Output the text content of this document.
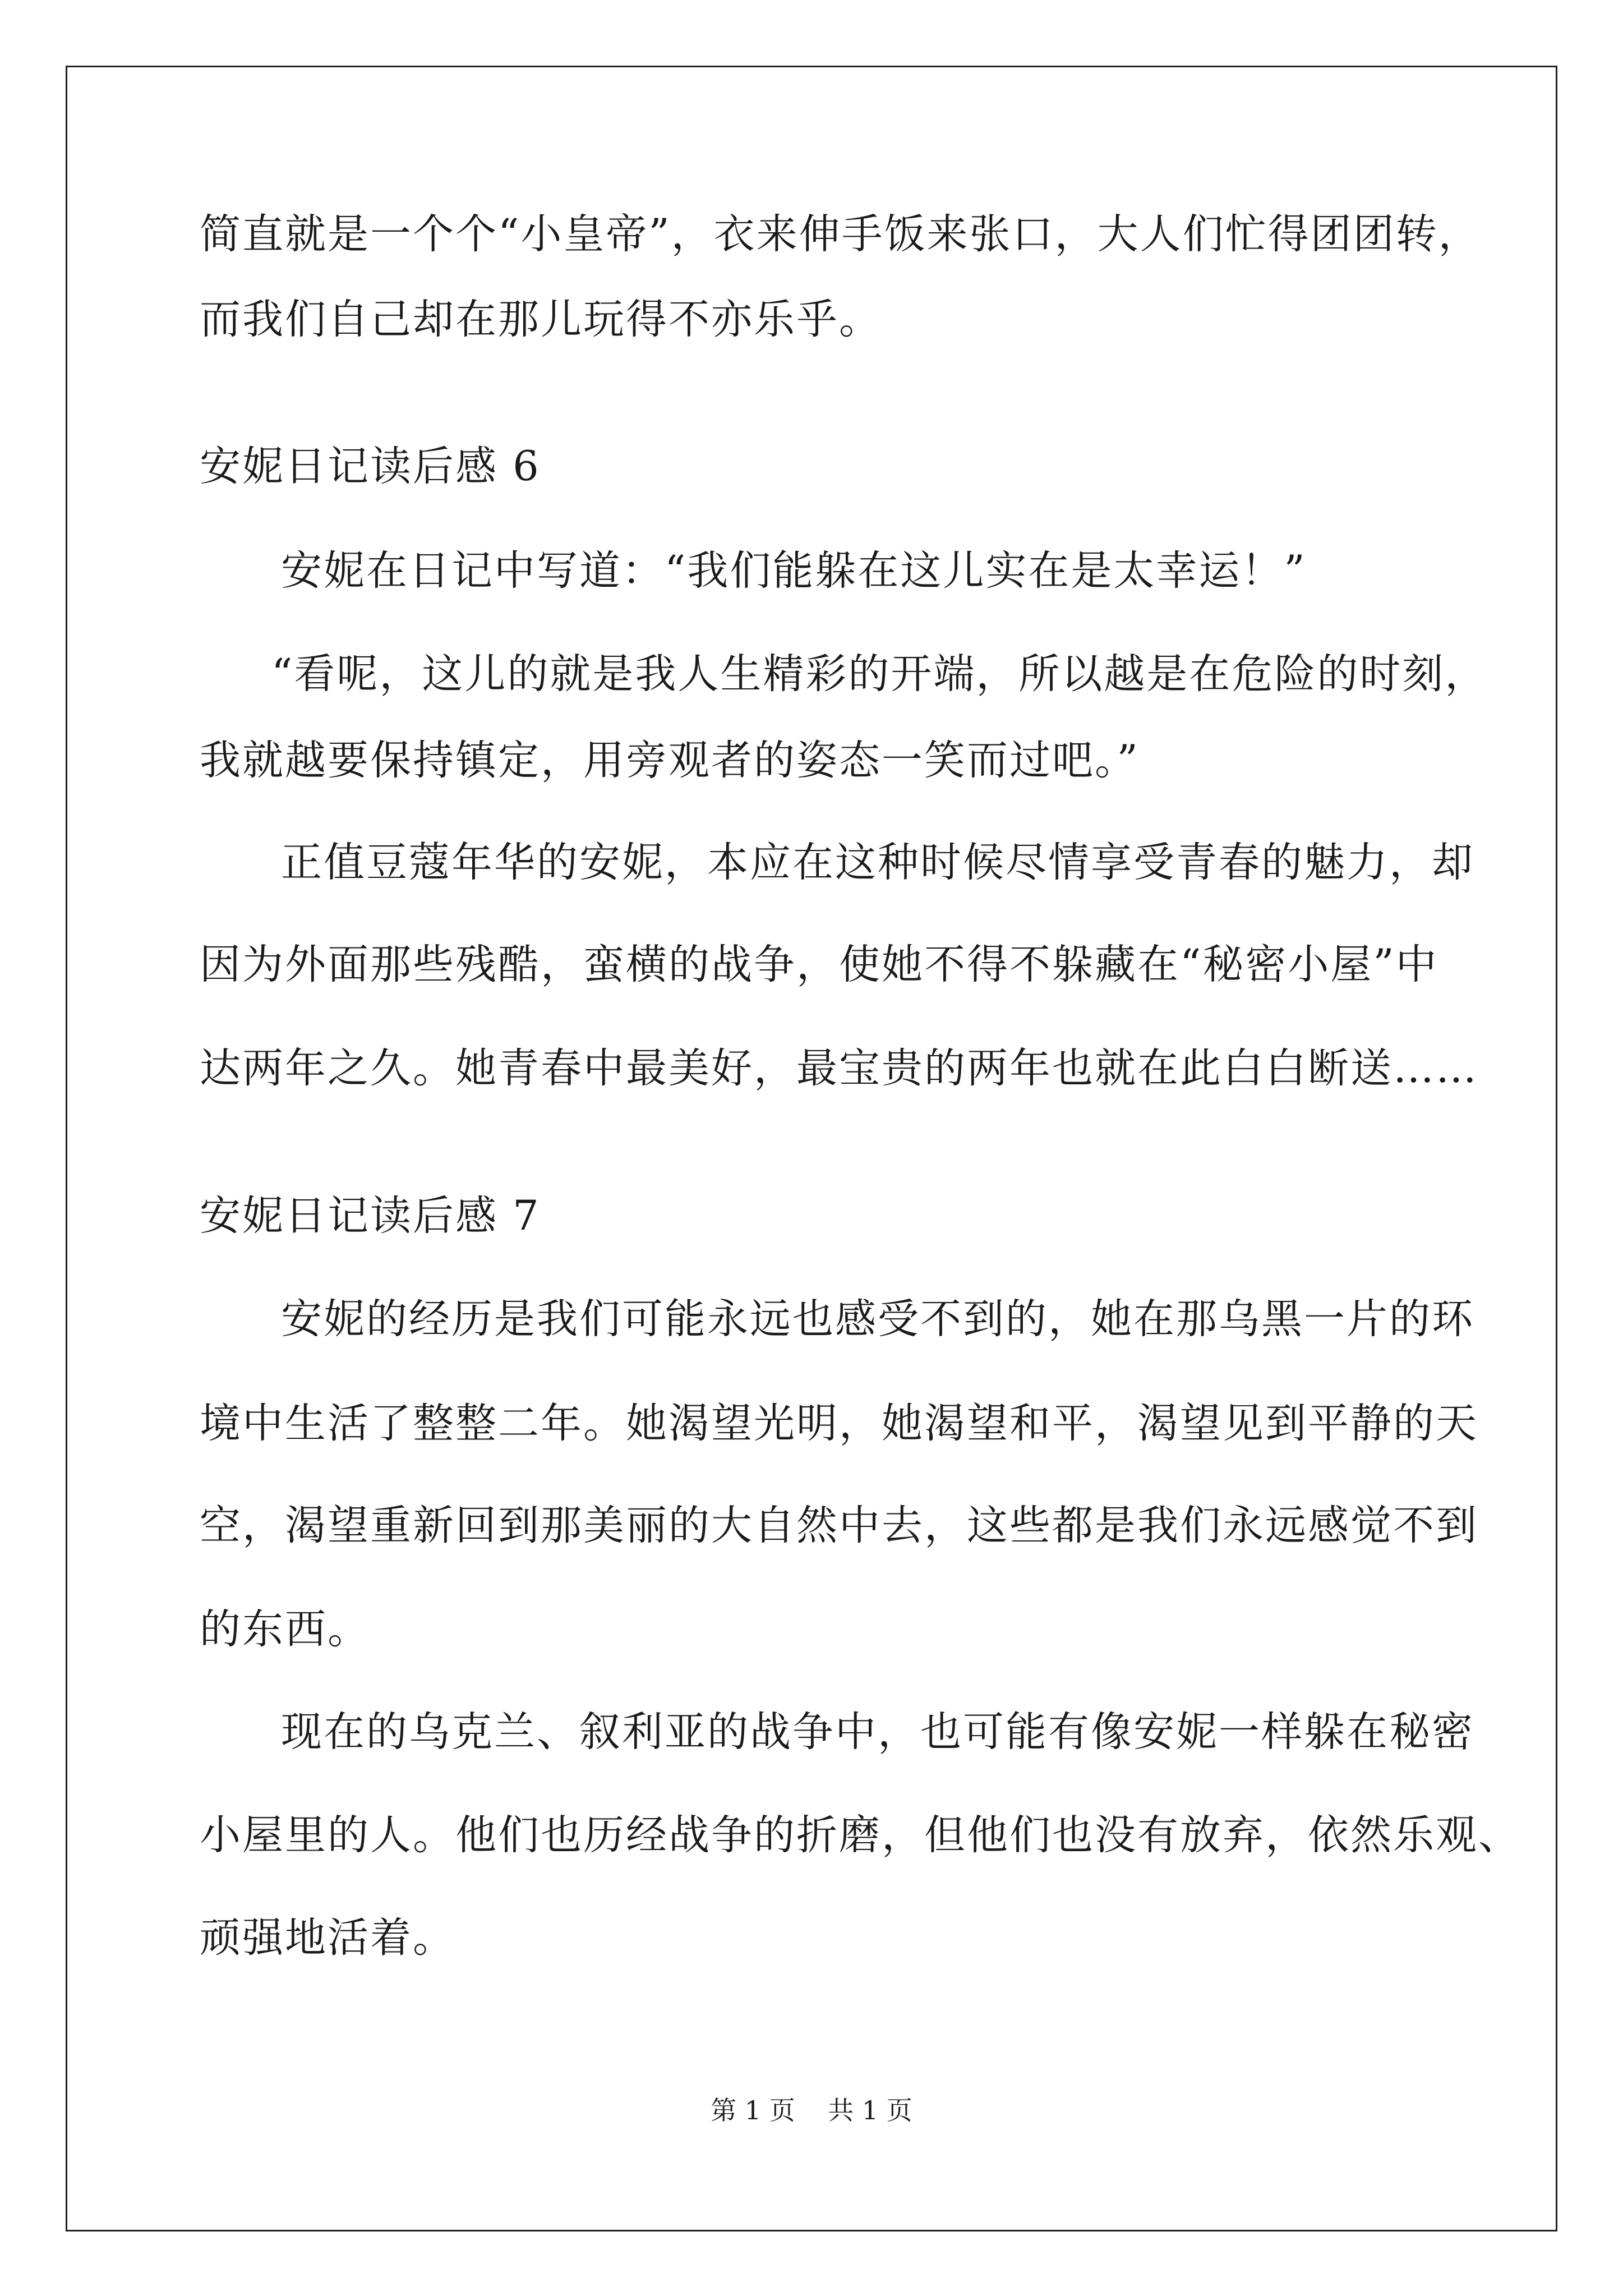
简直就是一个个“小皇帝”，衣来伸手饭来张口，大人们忙得团团转，
而我们自己却在那儿玩得不亦乐乎。
安妮日记读后感 6
安妮在日记中写道：“我们能躲在这儿实在是太幸运！”
“看呢，这儿的就是我人生精彩的开端，所以越是在危险的时刻，
我就越要保持镇定，用旁观者的姿态一笑而过吧。”
正值豆蔻年华的安妮，本应在这种时候尽情享受青春的魅力，却
因为外面那些残酷，蛮横的战争，使她不得不躲藏在“秘密小屋”中
达两年之久。她青春中最美好，最宝贵的两年也就在此白白断送……
安妮日记读后感 7
安妮的经历是我们可能永远也感受不到的，她在那乌黑一片的环
境中生活了整整二年。她渴望光明，她渴望和平，渴望见到平静的天
空，渴望重新回到那美丽的大自然中去，这些都是我们永远感觉不到
的东西。
现在的乌克兰、叙利亚的战争中，也可能有像安妮一样躲在秘密
小屋里的人。他们也历经战争的折磨，但他们也没有放弃，依然乐观、
顽强地活着。
第 1 页    共 1 页
